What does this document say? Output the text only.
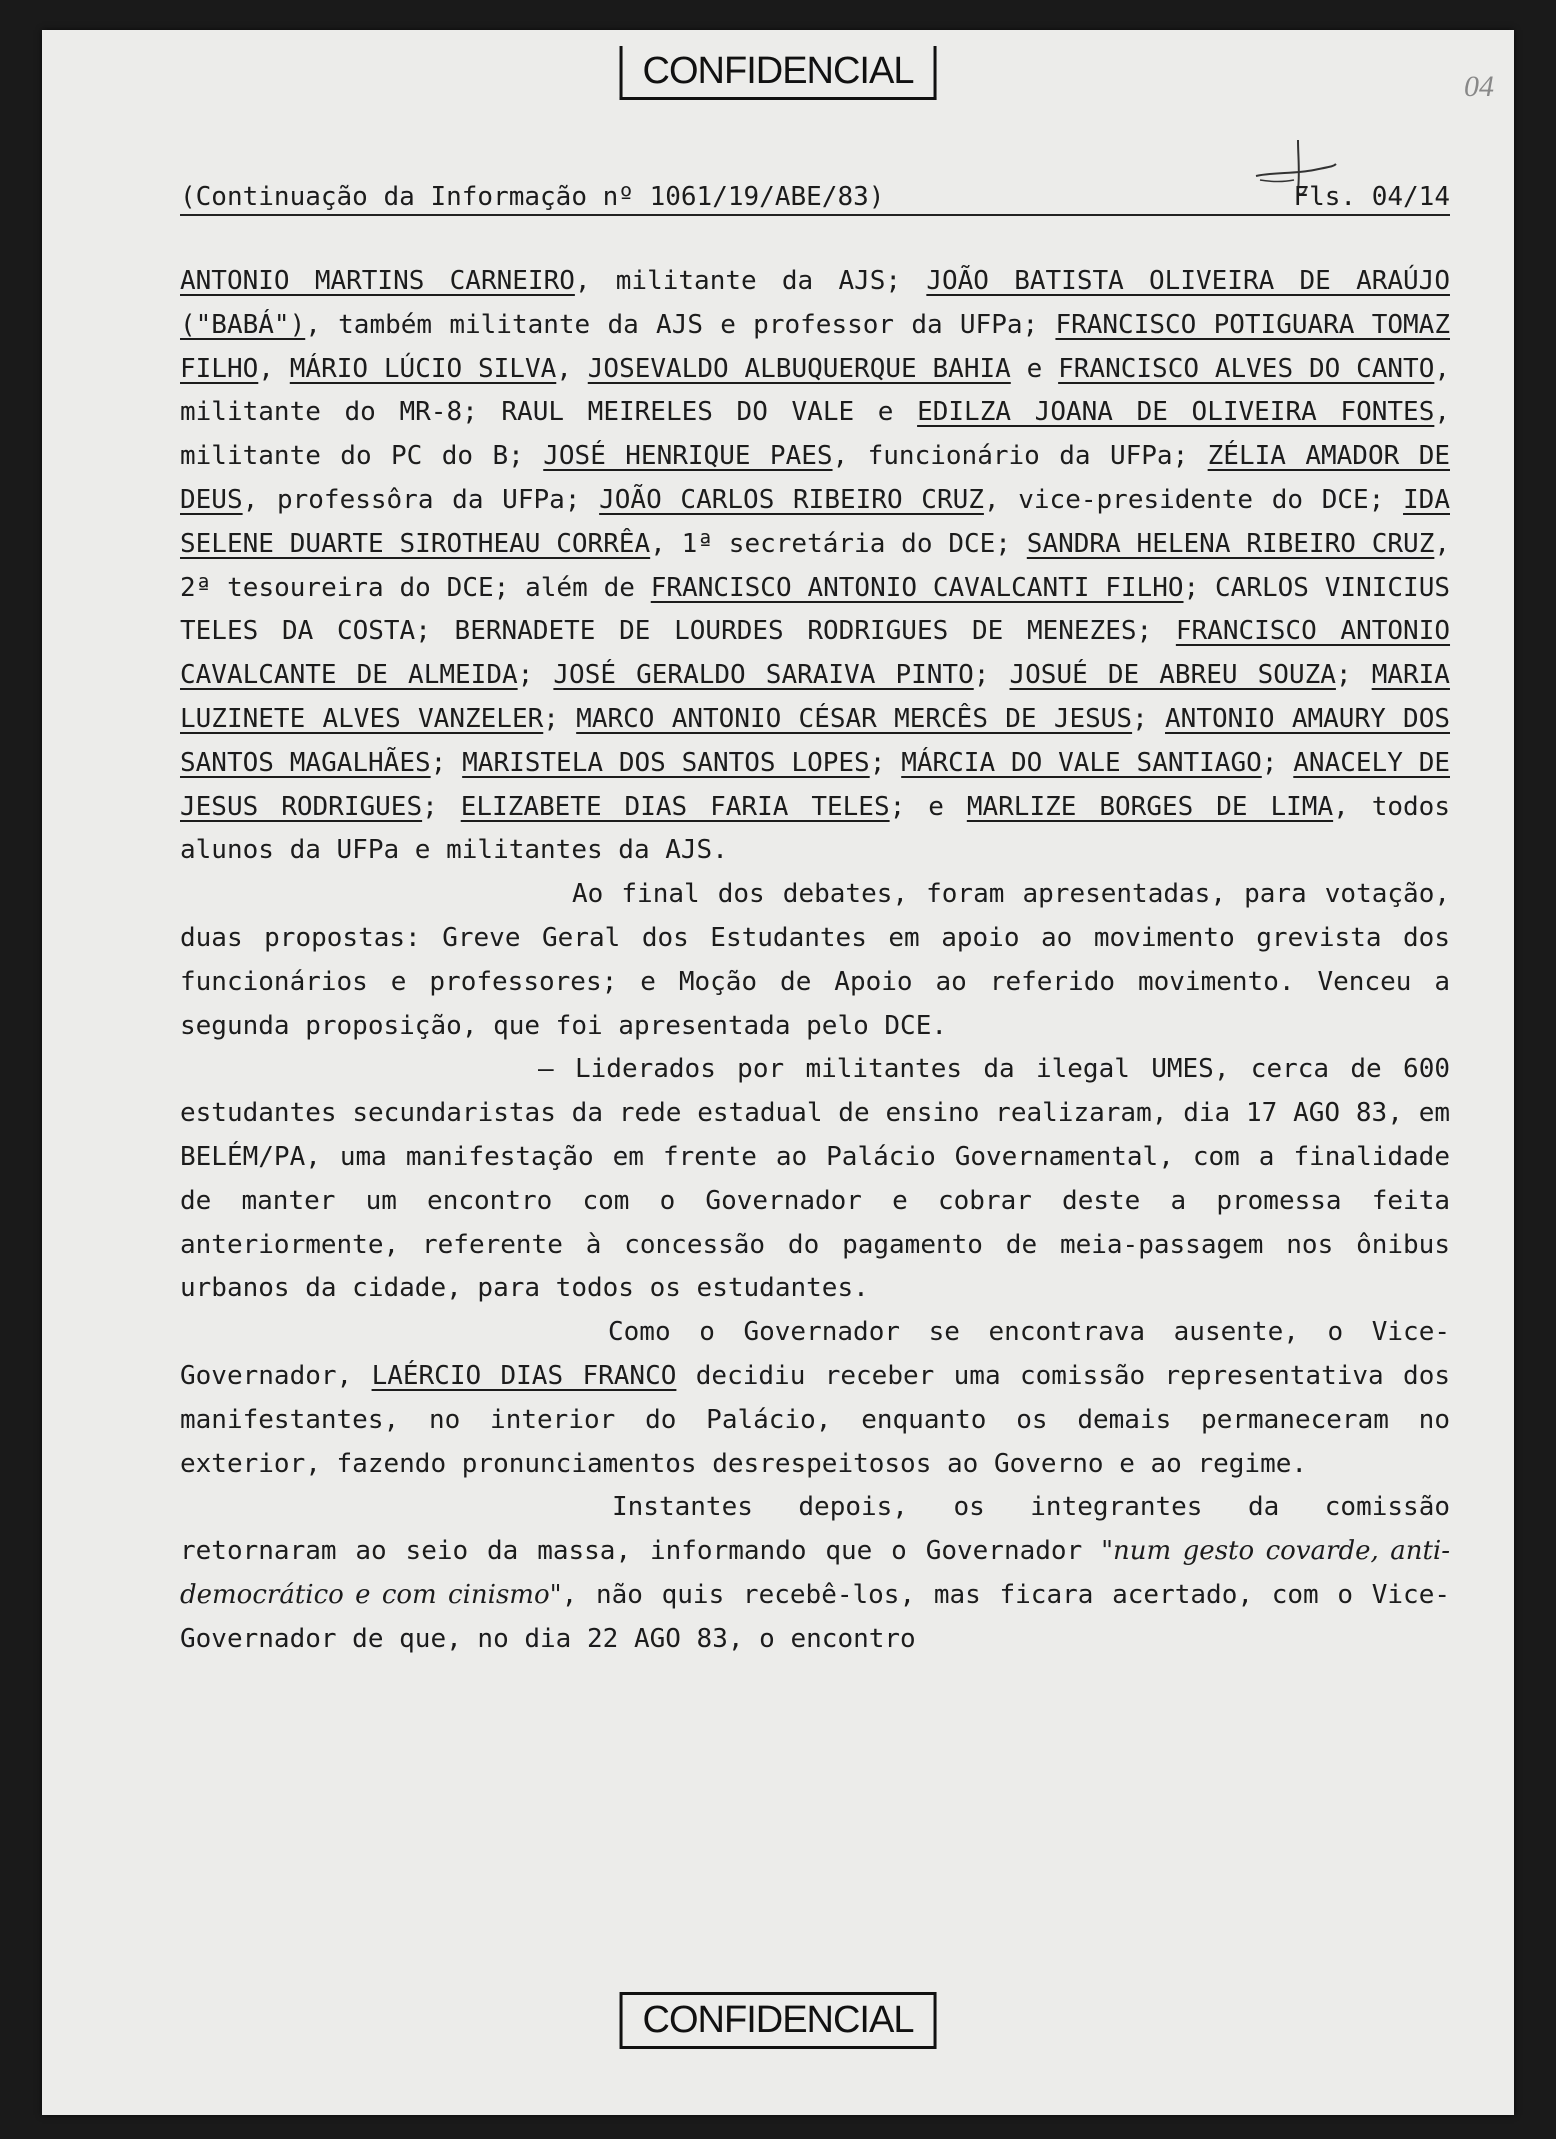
CONFIDENCIAL	04
(Continuação da Informação nº 1061/19/ABE/83)	Fls. 04/14

ANTONIO MARTINS CARNEIRO, militante da AJS; JOÃO BATISTA OLIVEIRA DE ARAÚJO ("BABÁ"), também militante da AJS e professor da UFPa; FRANCISCO POTIGUARA TOMAZ FILHO, MÁRIO LÚCIO SILVA, JOSEVALDO ALBUQUERQUE BAHIA e FRANCISCO ALVES DO CANTO, militante do MR-8; RAUL MEIRELES DO VALE e EDILZA JOANA DE OLIVEIRA FONTES, militante do PC do B; JOSÉ HENRIQUE PAES, funcionário da UFPa; ZÉLIA AMADOR DE DEUS, professôra da UFPa; JOÃO CARLOS RIBEIRO CRUZ, vice-presidente do DCE; IDA SELENE DUARTE SIROTHEAU CORRÊA, 1ª secretária do DCE; SANDRA HELENA RIBEIRO CRUZ, 2ª tesoureira do DCE; além de FRANCISCO ANTONIO CAVALCANTI FILHO; CARLOS VINICIUS TELES DA COSTA; BERNADETE DE LOURDES RODRIGUES DE MENEZES; FRANCISCO ANTONIO CAVALCANTE DE ALMEIDA; JOSÉ GERALDO SARAIVA PINTO; JOSUÉ DE ABREU SOUZA; MARIA LUZINETE ALVES VANZELER; MARCO ANTONIO CÉSAR MERCÊS DE JESUS; ANTONIO AMAURY DOS SANTOS MAGALHÃES; MARISTELA DOS SANTOS LOPES; MÁRCIA DO VALE SANTIAGO; ANACELY DE JESUS RODRIGUES; ELIZABETE DIAS FARIA TELES; e MARLIZE BORGES DE LIMA, todos alunos da UFPa e militantes da AJS.

Ao final dos debates, foram apresentadas, para votação, duas propostas: Greve Geral dos Estudantes em apoio ao movimento grevista dos funcionários e professores; e Moção de Apoio ao referido movimento. Venceu a segunda proposição, que foi apresentada pelo DCE.

– Liderados por militantes da ilegal UMES, cerca de 600 estudantes secundaristas da rede estadual de ensino realizaram, dia 17 AGO 83, em BELÉM/PA, uma manifestação em frente ao Palácio Governamental, com a finalidade de manter um encontro com o Governador e cobrar deste a promessa feita anteriormente, referente à concessão do pagamento de meia-passagem nos ônibus urbanos da cidade, para todos os estudantes.

Como o Governador se encontrava ausente, o Vice-Governador, LAÉRCIO DIAS FRANCO decidiu receber uma comissão representativa dos manifestantes, no interior do Palácio, enquanto os demais permaneceram no exterior, fazendo pronunciamentos desrespeitosos ao Governo e ao regime.

Instantes depois, os integrantes da comissão retornaram ao seio da massa, informando que o Governador "num gesto covarde, anti-democrático e com cinismo", não quis recebê-los, mas ficara acertado, com o Vice-Governador de que, no dia 22 AGO 83, o encontro

CONFIDENCIAL
